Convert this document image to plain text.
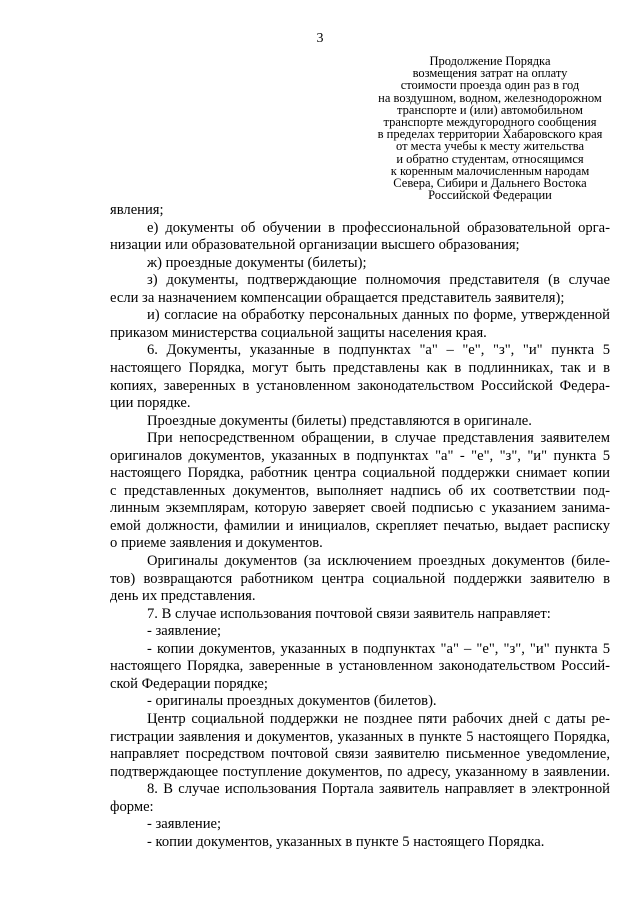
3
Продолжение Порядка
возмещения затрат на оплату
стоимости проезда один раз в год
на воздушном, водном, железнодорожном
транспорте и (или) автомобильном
транспорте междугородного сообщения
в пределах территории Хабаровского края
от места учебы к месту жительства
и обратно студентам, относящимся
к коренным малочисленным народам
Севера, Сибири и Дальнего Востока
Российской Федерации
явления;
е) документы об обучении в профессиональной образовательной орга-
низации или образовательной организации высшего образования;
ж) проездные документы (билеты);
з) документы, подтверждающие полномочия представителя (в случае
если за назначением компенсации обращается представитель заявителя);
и) согласие на обработку персональных данных по форме, утвержденной
приказом министерства социальной защиты населения края.
6. Документы, указанные в подпунктах "а" – "е", "з", "и" пункта 5
настоящего Порядка, могут быть представлены как в подлинниках, так и в
копиях, заверенных в установленном законодательством Российской Федера-
ции порядке.
Проездные документы (билеты) представляются в оригинале.
При непосредственном обращении, в случае представления заявителем
оригиналов документов, указанных в подпунктах "а" - "е", "з", "и" пункта 5
настоящего Порядка, работник центра социальной поддержки снимает копии
с представленных документов, выполняет надпись об их соответствии под-
линным экземплярам, которую заверяет своей подписью с указанием занима-
емой должности, фамилии и инициалов, скрепляет печатью, выдает расписку
о приеме заявления и документов.
Оригиналы документов (за исключением проездных документов (биле-
тов) возвращаются работником центра социальной поддержки заявителю в
день их представления.
7. В случае использования почтовой связи заявитель направляет:
- заявление;
- копии документов, указанных в подпунктах "а" – "е", "з", "и" пункта 5
настоящего Порядка, заверенные в установленном законодательством Россий-
ской Федерации порядке;
- оригиналы проездных документов (билетов).
Центр социальной поддержки не позднее пяти рабочих дней с даты ре-
гистрации заявления и документов, указанных в пункте 5 настоящего Порядка,
направляет посредством почтовой связи заявителю письменное уведомление,
подтверждающее поступление документов, по адресу, указанному в заявлении.
8. В случае использования Портала заявитель направляет в электронной
форме:
- заявление;
- копии документов, указанных в пункте 5 настоящего Порядка.
